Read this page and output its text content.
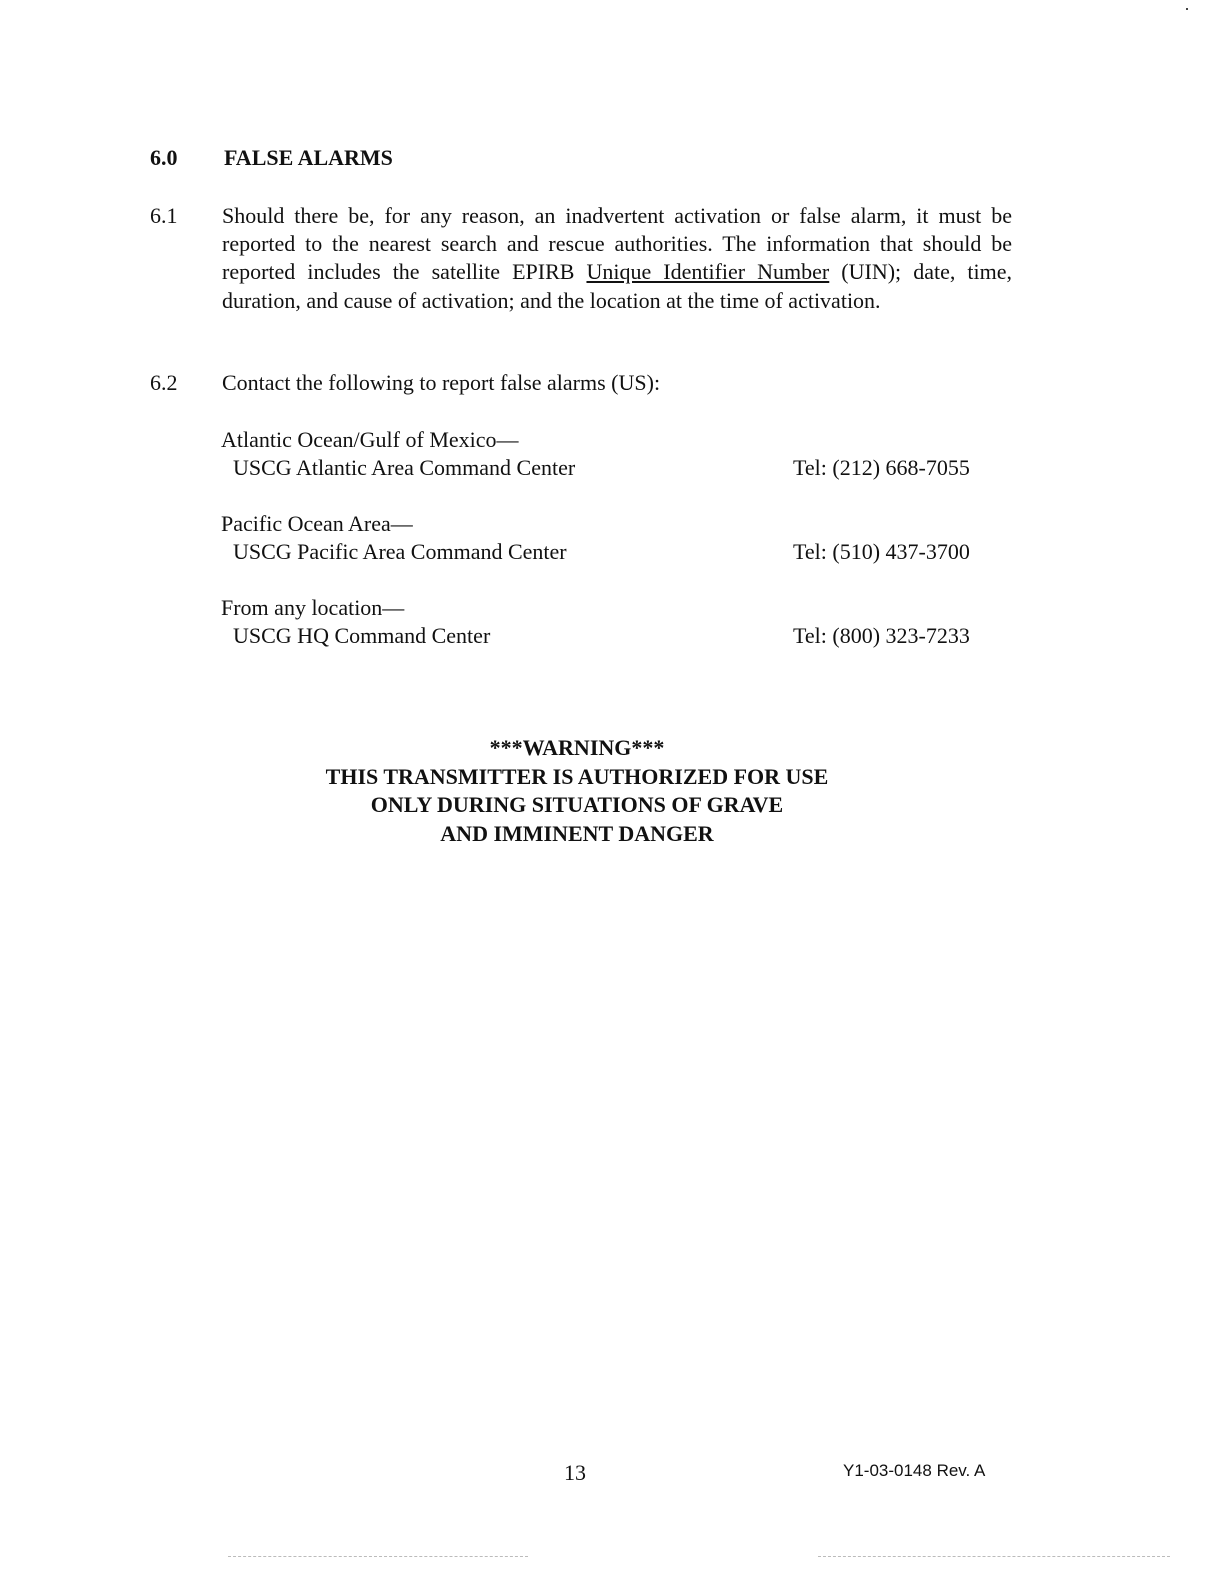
6.0 FALSE ALARMS
6.1 Should there be, for any reason, an inadvertent activation or false alarm, it must be reported to the nearest search and rescue authorities. The information that should be reported includes the satellite EPIRB Unique Identifier Number (UIN); date, time, duration, and cause of activation; and the location at the time of activation.
6.2 Contact the following to report false alarms (US):
Atlantic Ocean/Gulf of Mexico—
USCG Atlantic Area Command Center	Tel: (212) 668-7055
Pacific Ocean Area—
USCG Pacific Area Command Center	Tel: (510) 437-3700
From any location—
USCG HQ Command Center	Tel: (800) 323-7233
***WARNING***
THIS TRANSMITTER IS AUTHORIZED FOR USE
ONLY DURING SITUATIONS OF GRAVE
AND IMMINENT DANGER
13	Y1-03-0148 Rev. A
